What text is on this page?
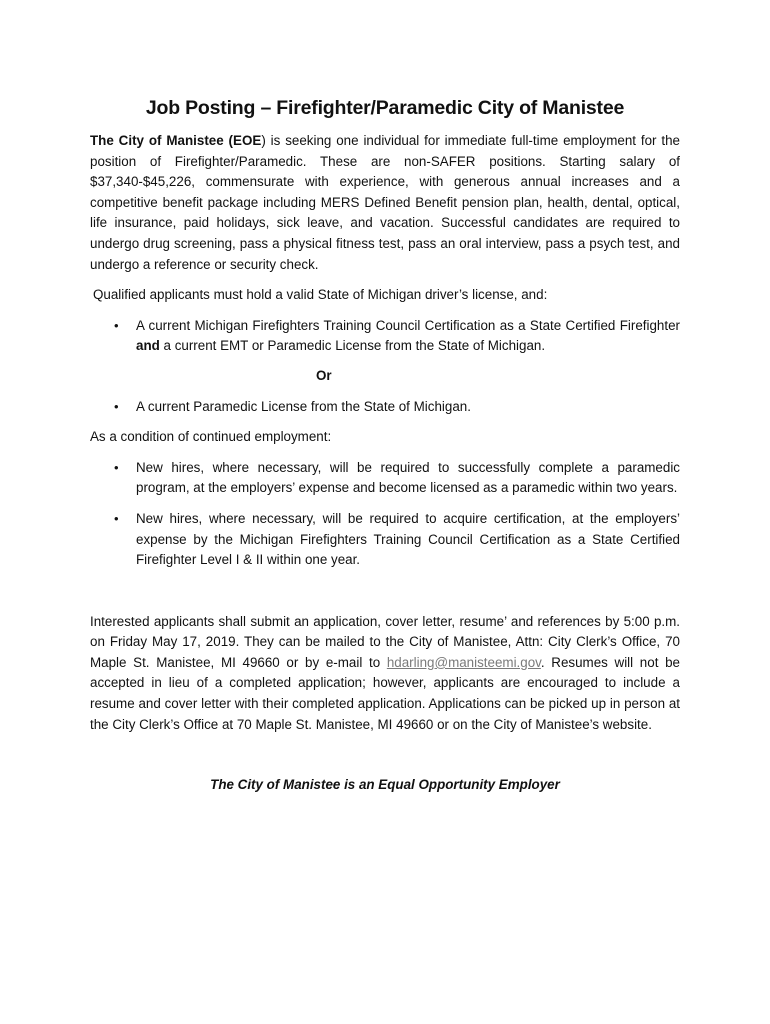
Job Posting – Firefighter/Paramedic City of Manistee

The City of Manistee (EOE) is seeking one individual for immediate full-time employment for the position of Firefighter/Paramedic. These are non-SAFER positions. Starting salary of $37,340-$45,226, commensurate with experience, with generous annual increases and a competitive benefit package including MERS Defined Benefit pension plan, health, dental, optical, life insurance, paid holidays, sick leave, and vacation. Successful candidates are required to undergo drug screening, pass a physical fitness test, pass an oral interview, pass a psych test, and undergo a reference or security check.

Qualified applicants must hold a valid State of Michigan driver’s license, and:

• A current Michigan Firefighters Training Council Certification as a State Certified Firefighter and a current EMT or Paramedic License from the State of Michigan.
Or
• A current Paramedic License from the State of Michigan.

As a condition of continued employment:

• New hires, where necessary, will be required to successfully complete a paramedic program, at the employers’ expense and become licensed as a paramedic within two years.
• New hires, where necessary, will be required to acquire certification, at the employers’ expense by the Michigan Firefighters Training Council Certification as a State Certified Firefighter Level I & II within one year.

Interested applicants shall submit an application, cover letter, resume’ and references by 5:00 p.m. on Friday May 17, 2019. They can be mailed to the City of Manistee, Attn: City Clerk’s Office, 70 Maple St. Manistee, MI 49660 or by e-mail to hdarling@manisteemi.gov. Resumes will not be accepted in lieu of a completed application; however, applicants are encouraged to include a resume and cover letter with their completed application. Applications can be picked up in person at the City Clerk’s Office at 70 Maple St. Manistee, MI 49660 or on the City of Manistee’s website.

The City of Manistee is an Equal Opportunity Employer
